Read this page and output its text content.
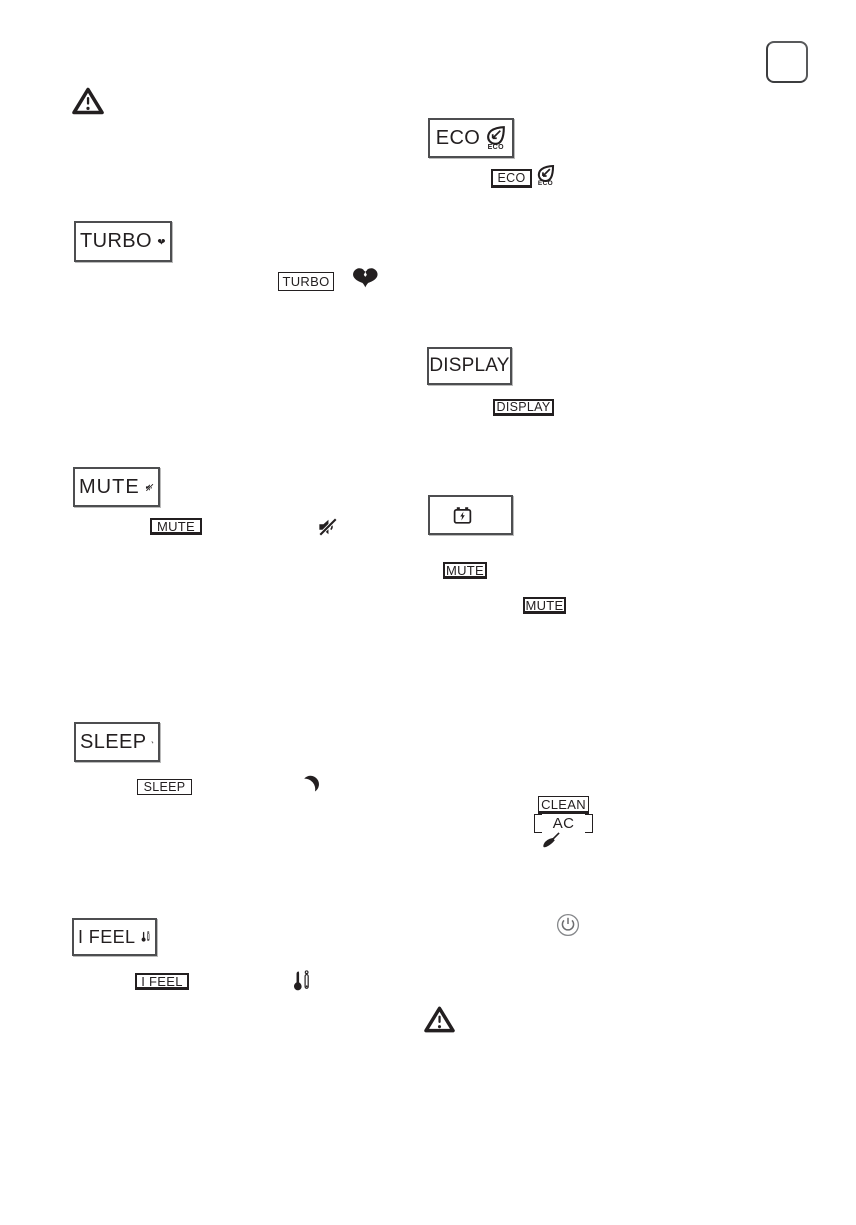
ECO ECO
ECO ECO
TURBO
TURBO
DISPLAY
DISPLAY
MUTE
MUTE
MUTE
MUTE
SLEEP
SLEEP
CLEAN
AC
I FEEL
I FEEL
